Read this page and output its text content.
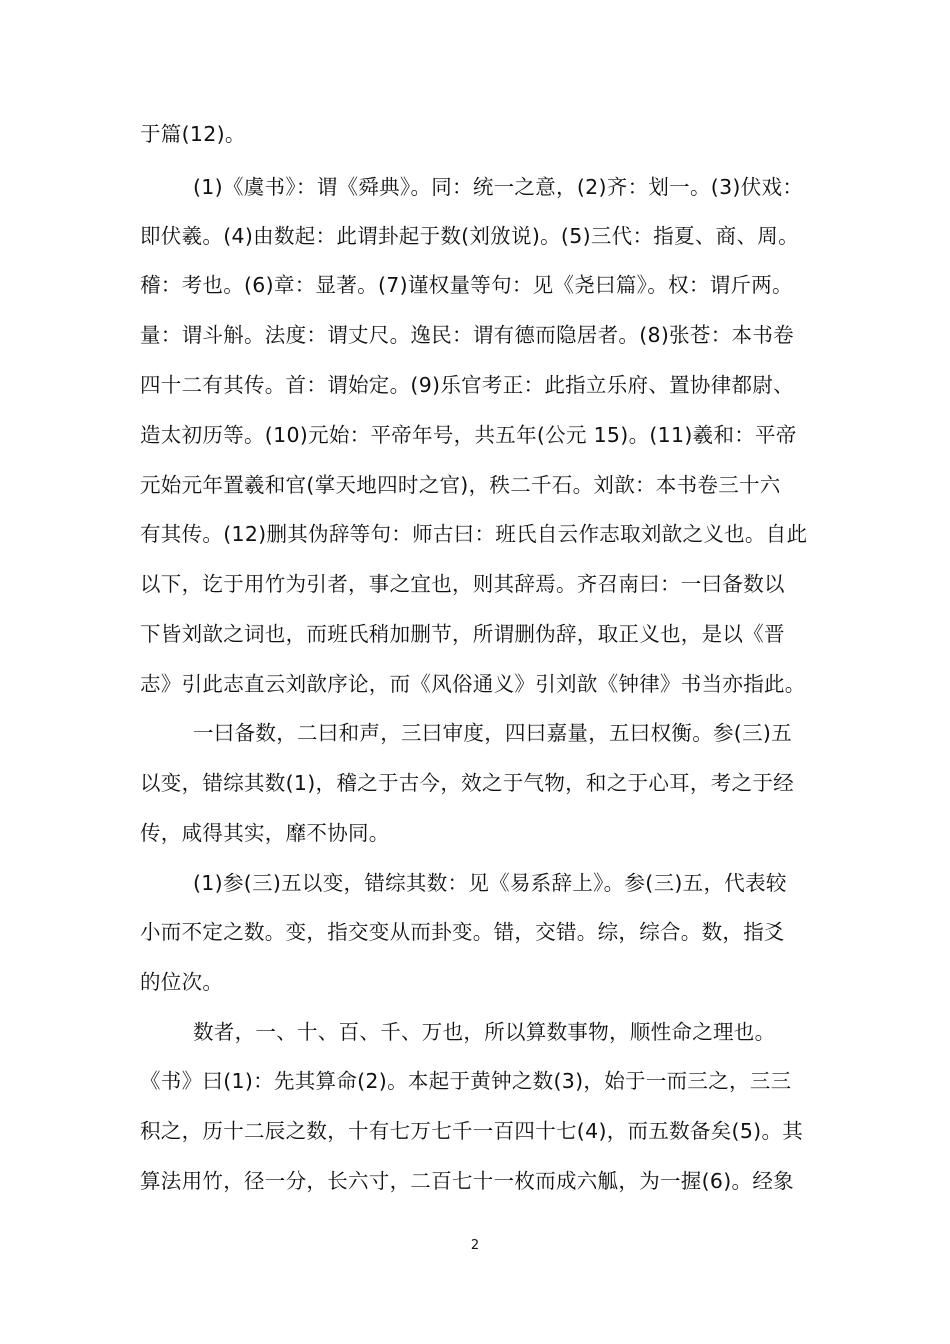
于篇(12)。
(1)《虞书》：谓《舜典》。同：统一之意，(2)齐：划一。(3)伏戏：
即伏羲。(4)由数起：此谓卦起于数(刘攽说)。(5)三代：指夏、商、周。
稽：考也。(6)章：显著。(7)谨权量等句：见《尧曰篇》。权：谓斤两。
量：谓斗斛。法度：谓丈尺。逸民：谓有德而隐居者。(8)张苍：本书卷
四十二有其传。首：谓始定。(9)乐官考正：此指立乐府、置协律都尉、
造太初历等。(10)元始：平帝年号，共五年(公元 15)。(11)羲和：平帝
元始元年置羲和官(掌天地四时之官)，秩二千石。刘歆：本书卷三十六
有其传。(12)删其伪辞等句：师古曰：班氏自云作志取刘歆之义也。自此
以下，讫于用竹为引者，事之宜也，则其辞焉。齐召南曰：一曰备数以
下皆刘歆之词也，而班氏稍加删节，所谓删伪辞，取正义也，是以《晋
志》引此志直云刘歆序论，而《风俗通义》引刘歆《钟律》书当亦指此。
一曰备数，二曰和声，三曰审度，四曰嘉量，五曰权衡。参(三)五
以变，错综其数(1)，稽之于古今，效之于气物，和之于心耳，考之于经
传，咸得其实，靡不协同。
(1)参(三)五以变，错综其数：见《易系辞上》。参(三)五，代表较
小而不定之数。变，指交变从而卦变。错，交错。综，综合。数，指爻
的位次。
数者，一、十、百、千、万也，所以算数事物，顺性命之理也。
《书》曰(1)：先其算命(2)。本起于黄钟之数(3)，始于一而三之，三三
积之，历十二辰之数，十有七万七千一百四十七(4)，而五数备矣(5)。其
算法用竹，径一分，长六寸，二百七十一枚而成六觚，为一握(6)。经象
2
